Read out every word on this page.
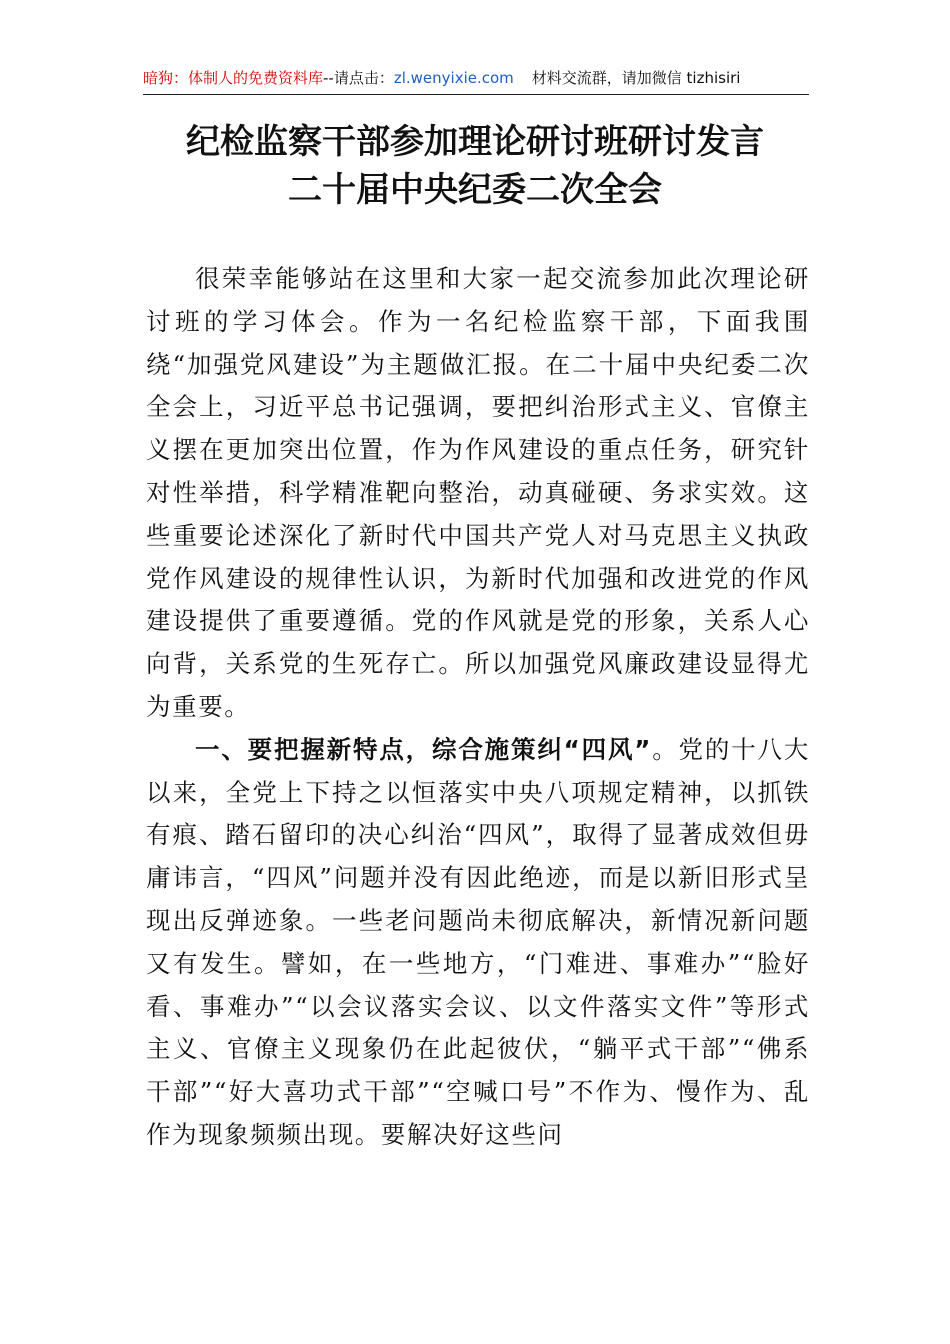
暗狗：体制人的免费资料库--请点击：zl.wenyixie.com 材料交流群，请加微信 tizhisiri
纪检监察干部参加理论研讨班研讨发言
二十届中央纪委二次全会

很荣幸能够站在这里和大家一起交流参加此次理论研讨班的学习体会。作为一名纪检监察干部，下面我围绕“加强党风建设”为主题做汇报。在二十届中央纪委二次全会上，习近平总书记强调，要把纠治形式主义、官僚主义摆在更加突出位置，作为作风建设的重点任务，研究针对性举措，科学精准靶向整治，动真碰硬、务求实效。这些重要论述深化了新时代中国共产党人对马克思主义执政党作风建设的规律性认识，为新时代加强和改进党的作风建设提供了重要遵循。党的作风就是党的形象，关系人心向背，关系党的生死存亡。所以加强党风廉政建设显得尤为重要。

一、要把握新特点，综合施策纠“四风”。党的十八大以来，全党上下持之以恒落实中央八项规定精神，以抓铁有痕、踏石留印的决心纠治“四风”，取得了显著成效但毋庸讳言，“四风”问题并没有因此绝迹，而是以新旧形式呈现出反弹迹象。一些老问题尚未彻底解决，新情况新问题又有发生。譬如，在一些地方，“门难进、事难办”“脸好看、事难办”“以会议落实会议、以文件落实文件”等形式主义、官僚主义现象仍在此起彼伏，“躺平式干部”“佛系干部”“好大喜功式干部”“空喊口号”不作为、慢作为、乱作为现象频频出现。要解决好这些问
